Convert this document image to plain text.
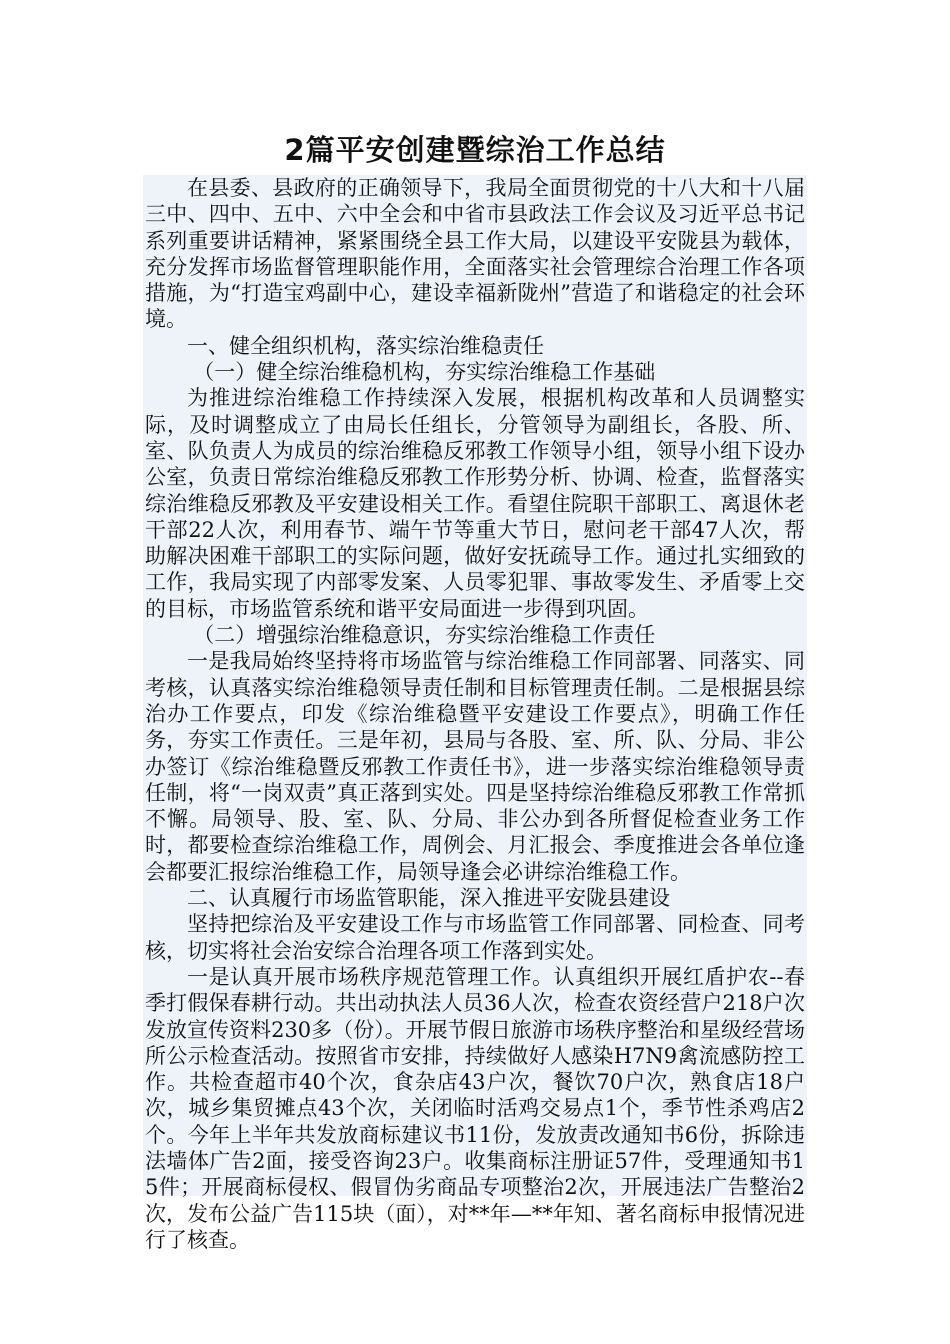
2篇平安创建暨综治工作总结

在县委、县政府的正确领导下，我局全面贯彻党的十八大和十八届三中、四中、五中、六中全会和中省市县政法工作会议及习近平总书记系列重要讲话精神，紧紧围绕全县工作大局，以建设平安陇县为载体，充分发挥市场监督管理职能作用，全面落实社会管理综合治理工作各项措施，为“打造宝鸡副中心，建设幸福新陇州”营造了和谐稳定的社会环境。

一、健全组织机构，落实综治维稳责任

（一）健全综治维稳机构，夯实综治维稳工作基础

为推进综治维稳工作持续深入发展，根据机构改革和人员调整实际，及时调整成立了由局长任组长，分管领导为副组长，各股、所、室、队负责人为成员的综治维稳反邪教工作领导小组，领导小组下设办公室，负责日常综治维稳反邪教工作形势分析、协调、检查，监督落实综治维稳反邪教及平安建设相关工作。看望住院职干部职工、离退休老干部22人次，利用春节、端午节等重大节日，慰问老干部47人次，帮助解决困难干部职工的实际问题，做好安抚疏导工作。通过扎实细致的工作，我局实现了内部零发案、人员零犯罪、事故零发生、矛盾零上交的目标，市场监管系统和谐平安局面进一步得到巩固。

（二）增强综治维稳意识，夯实综治维稳工作责任

一是我局始终坚持将市场监管与综治维稳工作同部署、同落实、同考核，认真落实综治维稳领导责任制和目标管理责任制。二是根据县综治办工作要点，印发《综治维稳暨平安建设工作要点》，明确工作任务，夯实工作责任。三是年初，县局与各股、室、所、队、分局、非公办签订《综治维稳暨反邪教工作责任书》，进一步落实综治维稳领导责任制，将“一岗双责”真正落到实处。四是坚持综治维稳反邪教工作常抓不懈。局领导、股、室、队、分局、非公办到各所督促检查业务工作时，都要检查综治维稳工作，周例会、月汇报会、季度推进会各单位逢会都要汇报综治维稳工作，局领导逢会必讲综治维稳工作。

二、认真履行市场监管职能，深入推进平安陇县建设

坚持把综治及平安建设工作与市场监管工作同部署、同检查、同考核，切实将社会治安综合治理各项工作落到实处。

一是认真开展市场秩序规范管理工作。认真组织开展红盾护农--春季打假保春耕行动。共出动执法人员36人次，检查农资经营户218户次发放宣传资料230多（份）。开展节假日旅游市场秩序整治和星级经营场所公示检查活动。按照省市安排，持续做好人感染H7N9禽流感防控工作。共检查超市40个次，食杂店43户次，餐饮70户次，熟食店18户次，城乡集贸摊点43个次，关闭临时活鸡交易点1个，季节性杀鸡店2个。今年上半年共发放商标建议书11份，发放责改通知书6份，拆除违法墙体广告2面，接受咨询23户。收集商标注册证57件，受理通知书15件；开展商标侵权、假冒伪劣商品专项整治2次，开展违法广告整治2次，发布公益广告115块（面），对**年—**年知、著名商标申报情况进行了核查。
